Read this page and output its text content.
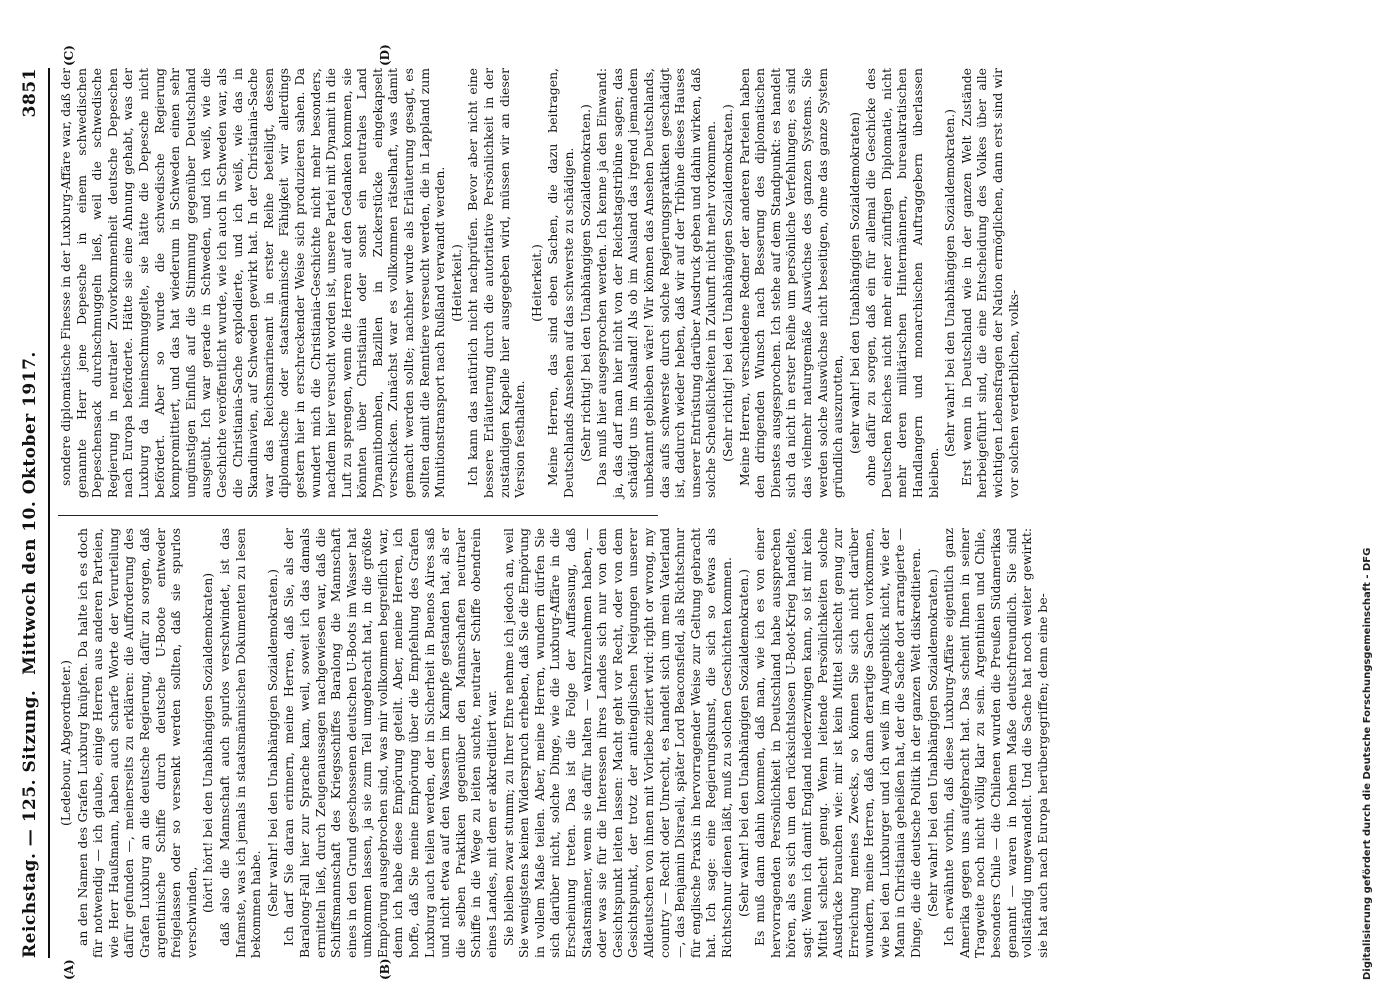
Reichstag. — 125. Sitzung.
Mittwoch den 10. Oktober 1917.
3851
(A)	(B)
(C)	(D)

(Ledebour, Abgeordneter.) an den Namen des Grafen Luxburg knüpfen. Da halte ich es doch für notwendig — ich glaube, einige Herren aus anderen Parteien, wie Herr Haußmann, haben auch scharfe Worte der Verurteilung dafür gefunden —, meinerseits zu erklären: die Aufforderung des Grafen Luxburg an die deutsche Regierung, dafür zu sorgen, daß argentinische Schiffe durch deutsche U-Boote entweder freigelassen oder so versenkt werden sollten, daß sie spurlos verschwinden, (hört! hört! bei den Unabhängigen Sozialdemokraten) daß also die Mannschaft auch spurlos verschwindet, ist das Infamste, was ich jemals in staatsmännischen Dokumenten zu lesen bekommen habe. (Sehr wahr! bei den Unabhängigen Sozialdemokraten.) Ich darf Sie daran erinnern, meine Herren, daß Sie, als der Baralong-Fall hier zur Sprache kam, weil, soweit ich das damals ermitteln ließ, durch Zeugenaussagen nachgewiesen war, daß die Schiffsmannschaft des Kriegsschiffes Baralong die Mannschaft eines in den Grund geschossenen deutschen U-Boots im Wasser hat umkommen lassen, ja sie zum Teil umgebracht hat, in die größte Empörung ausgebrochen sind, was mir vollkommen begreiflich war, denn ich habe diese Empörung geteilt. Aber, meine Herren, ich hoffe, daß Sie meine Empörung über die Empfehlung des Grafen Luxburg auch teilen werden, der in Sicherheit in Buenos Aires saß und nicht etwa auf den Wassern im Kampfe gestanden hat, als er die selben Praktiken gegenüber den Mannschaften neutraler Schiffe in die Wege zu leiten suchte, neutraler Schiffe obendrein eines Landes, mit dem er akkreditiert war. Sie bleiben zwar stumm; zu Ihrer Ehre nehme ich jedoch an, weil Sie wenigstens keinen Widerspruch erheben, daß Sie die Empörung in vollem Maße teilen. Aber, meine Herren, wundern dürfen Sie sich darüber nicht, solche Dinge, wie die Luxburg-Affäre in die Erscheinung treten. Das ist die Folge der Auffassung, daß Staatsmänner, wenn sie dafür halten — wahrzunehmen haben, — oder was sie für die Interessen ihres Landes sich nur von dem Gesichtspunkt leiten lassen: Macht geht vor Recht, oder von dem Gesichtspunkt, der trotz der antienglischen Neigungen unserer Alldeutschen von ihnen mit Vorliebe zitiert wird: right or wrong, my country — Recht oder Unrecht, es handelt sich um mein Vaterland —, das Benjamin Disraeli, später Lord Beaconsfield, als Richtschnur für englische Praxis in hervorragender Weise zur Geltung gebracht hat. Ich sage: eine Regierungskunst, die sich so etwas als Richtschnur dienen läßt, muß zu solchen Geschichten kommen. (Sehr wahr! bei den Unabhängigen Sozialdemokraten.) Es muß dann dahin kommen, daß man, wie ich es von einer hervorragenden Persönlichkeit in Deutschland habe aussprechen hören, als es sich um den rücksichtslosen U-Boot-Krieg handelte, sagt: Wenn ich damit England niederzwingen kann, so ist mir kein Mittel schlecht genug. Wenn leitende Persönlichkeiten solche Ausdrücke brauchen wie: mir ist kein Mittel schlecht genug zur Erreichung meines Zwecks, so können Sie sich nicht darüber wundern, meine Herren, daß dann derartige Sachen vorkommen, wie bei den Luxburger und ich weiß im Augenblick nicht, wie der Mann in Christiania geheißen hat, der die Sache dort arrangierte — Dinge, die die deutsche Politik in der ganzen Welt diskreditieren. (Sehr wahr! bei den Unabhängigen Sozialdemokraten.) Ich erwähnte vorhin, daß diese Luxburg-Affäre eigentlich ganz Amerika gegen uns aufgebracht hat. Das scheint Ihnen in seiner Tragweite noch nicht völlig klar zu sein. Argentinien und Chile, besonders Chile — die Chilenen wurden die Preußen Südamerikas genannt — waren in hohem Maße deutschfreundlich. Sie sind vollständig umgewandelt. Und die Sache hat noch weiter gewirkt: sie hat auch nach Europa herübergegriffen; denn eine be-

sondere diplomatische Finesse in der Luxburg-Affäre war, daß der genannte Herr jene Depesche in einem schwedischen Depeschensack durchschmuggeln ließ, weil die schwedische Regierung in neutraler Zuvorkommenheit deutsche Depeschen nach Europa beförderte. Hätte sie eine Ahnung gehabt, was der Luxburg da hineinschmuggelte, sie hätte die Depesche nicht befördert. Aber so wurde die schwedische Regierung kompromittiert, und das hat wiederum in Schweden einen sehr ungünstigen Einfluß auf die Stimmung gegenüber Deutschland ausgeübt. Ich war gerade in Schweden, und ich weiß, wie die Geschichte veröffentlicht wurde, wie ich auch in Schweden war, als die Christiania-Sache explodierte, und ich weiß, wie das in Skandinavien, auf Schweden gewirkt hat. In der Christiania-Sache war das Reichsmarineamt in erster Reihe beteiligt, dessen diplomatische oder staatsmännische Fähigkeit wir allerdings gestern hier in erschreckender Weise sich produzieren sahen. Da wundert mich die Christiania-Geschichte nicht mehr besonders, nachdem hier versucht worden ist, unsere Partei mit Dynamit in die Luft zu sprengen, wenn die Herren auf den Gedanken kommen, sie könnten über Christiania oder sonst ein neutrales Land Dynamitbomben, Bazillen in Zuckerstücke eingekapselt verschicken. Zunächst war es vollkommen rätselhaft, was damit gemacht werden sollte; nachher wurde als Erläuterung gesagt, es sollten damit die Renntiere verseucht werden, die in Lappland zum Munitionstransport nach Rußland verwandt werden. (Heiterkeit.) Ich kann das natürlich nicht nachprüfen. Bevor aber nicht eine bessere Erläuterung durch die autoritative Persönlichkeit in der zuständigen Kapelle hier ausgegeben wird, müssen wir an dieser Version festhalten.

(Heiterkeit.) Meine Herren, das sind eben Sachen, die dazu beitragen, Deutschlands Ansehen auf das schwerste zu schädigen. (Sehr richtig! bei den Unabhängigen Sozialdemokraten.) Das muß hier ausgesprochen werden. Ich kenne ja den Einwand: ja, das darf man hier nicht von der Reichstagstribüne sagen; das schädigt uns im Ausland! Als ob im Ausland das irgend jemandem unbekannt geblieben wäre! Wir können das Ansehen Deutschlands, das aufs schwerste durch solche Regierungspraktiken geschädigt ist, dadurch wieder heben, daß wir auf der Tribüne dieses Hauses unserer Entrüstung darüber Ausdruck geben und dahin wirken, daß solche Scheußlichkeiten in Zukunft nicht mehr vorkommen. (Sehr richtig! bei den Unabhängigen Sozialdemokraten.) Meine Herren, verschiedene Redner der anderen Parteien haben den dringenden Wunsch nach Besserung des diplomatischen Dienstes ausgesprochen. Ich stehe auf dem Standpunkt: es handelt sich da nicht in erster Reihe um persönliche Verfehlungen; es sind das vielmehr naturgemäße Auswüchse des ganzen Systems. Sie werden solche Auswüchse nicht beseitigen, ohne das ganze System gründlich auszurotten, (sehr wahr! bei den Unabhängigen Sozialdemokraten) ohne dafür zu sorgen, daß ein für allemal die Geschicke des Deutschen Reiches nicht mehr einer zünftigen Diplomatie, nicht mehr deren militärischen Hintermännern, bureaukratischen Handlangern und monarchischen Auftraggebern überlassen bleiben.

(Sehr wahr! bei den Unabhängigen Sozialdemokraten.) Erst wenn in Deutschland wie in der ganzen Welt Zustände herbeigeführt sind, die eine Entscheidung des Volkes über alle wichtigen Lebensfragen der Nation ermöglichen, dann erst sind wir vor solchen verderblichen, volks-

Digitalisierung gefördert durch die Deutsche Forschungsgemeinschaft - DFG
